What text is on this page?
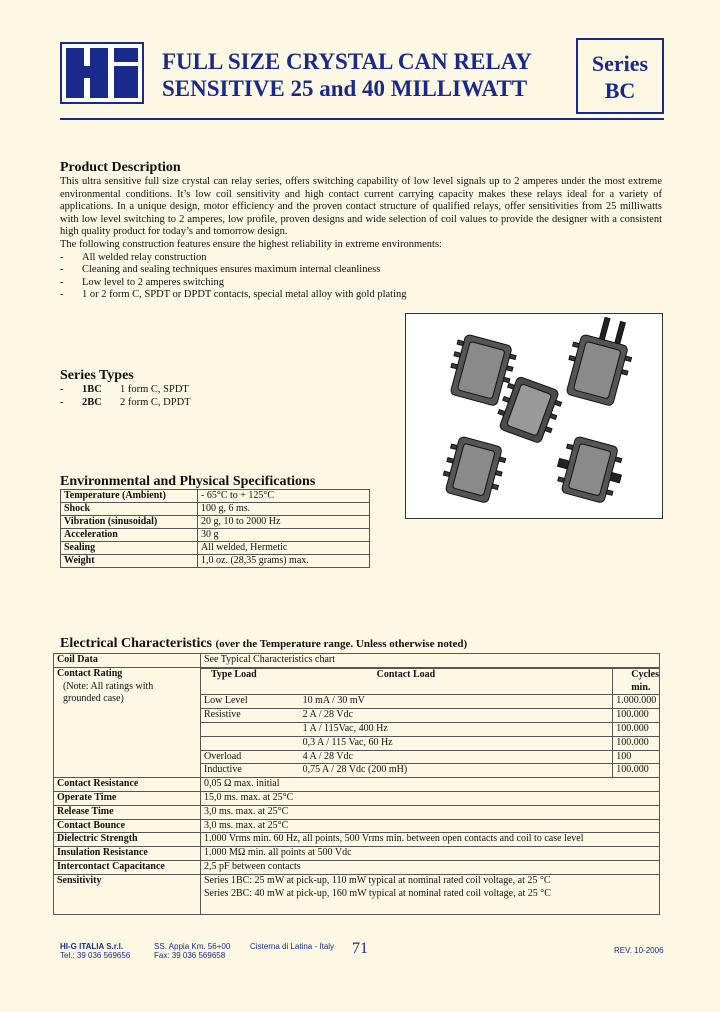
FULL SIZE CRYSTAL CAN RELAY
SENSITIVE 25 and 40 MILLIWATT
Series
BC
Product Description
This ultra sensitive full size crystal can relay series, offers switching capability of low level signals up to 2 amperes under the most extreme environmental conditions. It’s low coil sensitivity and high contact current carrying capacity makes these relays ideal for a variety of applications. In a unique design, motor efficiency and the proven contact structure of qualified relays, offer sensitivities from 25 milliwatts with low level switching to 2 amperes, low profile, proven designs and wide selection of coil values to provide the designer with a consistent high quality product for today’s and tomorrow design.
The following construction features ensure the highest reliability in extreme environments:
- All welded relay construction
- Cleaning and sealing techniques ensures maximum internal cleanliness
- Low level to 2 amperes switching
- 1 or 2 form C, SPDT or DPDT contacts, special metal alloy with gold plating
Series Types
- 1BC 1 form C, SPDT
- 2BC 2 form C, DPDT
Environmental and Physical Specifications
Temperature (Ambient)	- 65°C to + 125°C
Shock	100 g, 6 ms.
Vibration (sinusoidal)	20 g, 10 to 2000 Hz
Acceleration	30 g
Sealing	All welded, Hermetic
Weight	1,0 oz. (28,35 grams) max.
Electrical Characteristics (over the Temperature range. Unless otherwise noted)
Coil Data	See Typical Characteristics chart

Contact Rating
(Note: All ratings with grounded case)

Type Load	Contact Load	Cycles min.
Low Level	10 mA / 30 mV	1.000.000
Resistive	2 A / 28 Vdc	100.000
	1 A / 115Vac, 400 Hz	100.000
	0,3 A / 115 Vac, 60 Hz	100.000
Overload	4 A / 28 Vdc	100
Inductive	0,75 A / 28 Vdc (200 mH)	100.000

Contact Resistance	0,05 Ω max. initial
Operate Time	15,0 ms. max. at 25°C
Release Time	3,0 ms. max. at 25°C
Contact Bounce	3,0 ms. max. at 25°C
Dielectric Strength	1.000 Vrms min. 60 Hz, all points, 500 Vrms min. between open contacts and coil to case level
Insulation Resistance	1.000 MΩ min. all points at 500 Vdc
Intercontact Capacitance	2,5 pF between contacts
Sensitivity	Series 1BC: 25 mW at pick-up, 110 mW typical at nominal rated coil voltage, at 25 °C
Series 2BC: 40 mW at pick-up, 160 mW typical at nominal rated coil voltage, at 25 °C
HI-G ITALIA S.r.l.
Tel.: 39 036 569656
SS. Appia Km. 56+00
Fax: 39 036 569658
Cisterna di Latina - Italy 71	REV. 10-2006
